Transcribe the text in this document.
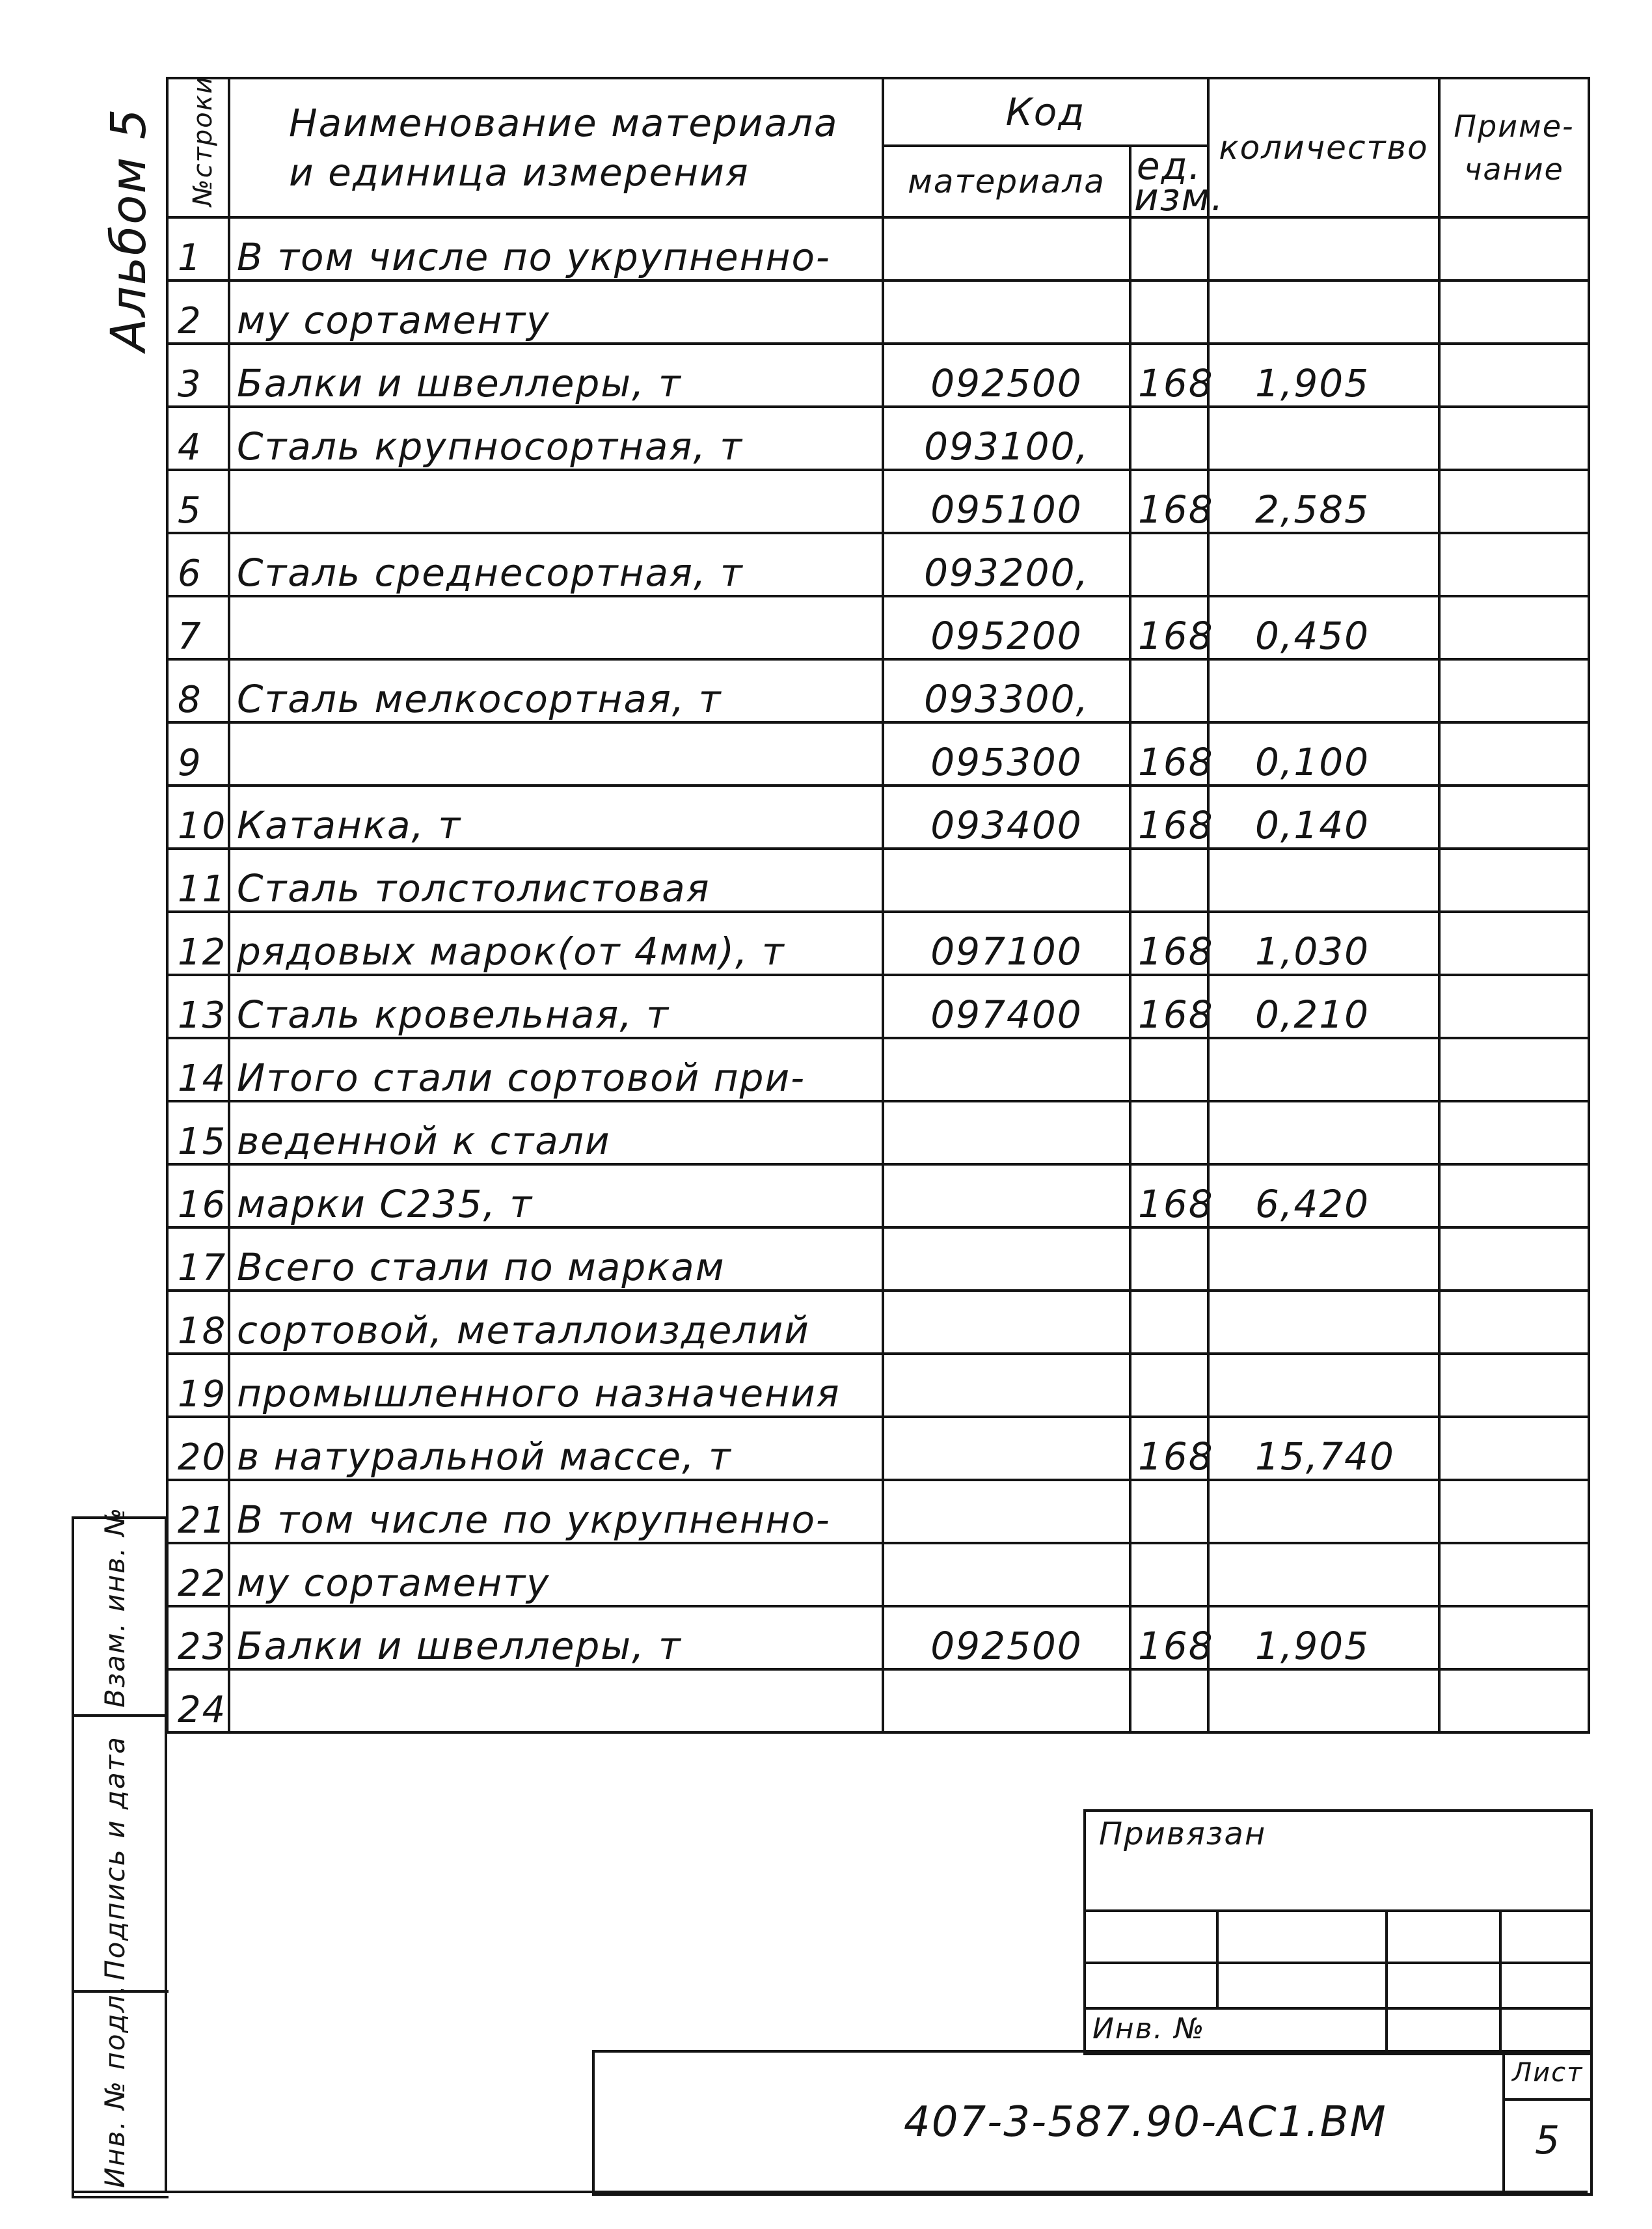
Альбом 5 №строки	Наименование материала
и единица измерения	Код		количество	Приме- чание
		материала	ед. изм.		
1	В том числе по укрупненно-				
2	му сортаменту				
3	Балки и швеллеры, т	092500	168	1,905	
4	Сталь крупносортная, т	093100,			
5		095100	168	2,585	
6	Сталь среднесортная, т	093200,			
7		095200	168	0,450	
8	Сталь мелкосортная, т	093300,			
9		095300	168	0,100	
10	Катанка, т	093400	168	0,140	
11	Сталь толстолистовая				
12	рядовых марок(от 4мм), т	097100	168	1,030	
13	Сталь кровельная, т	097400	168	0,210	
14	Итого стали сортовой при-				
15	веденной к стали				
16	марки С235, т		168	6,420	
17	Всего стали по маркам				
18	сортовой, металлоизделий				
19	промышленного назначения				
20	в натуральной массе, т		168	15,740	
21	В том числе по укрупненно-				
22	му сортаменту				
23	Балки и швеллеры, т	092500	168	1,905	
24					
Взам. инв. №
Подпись и дата
Инв. № подл.
Привязан
Инв. №
407-3-587.90-АС1.ВМ
Лист
5
